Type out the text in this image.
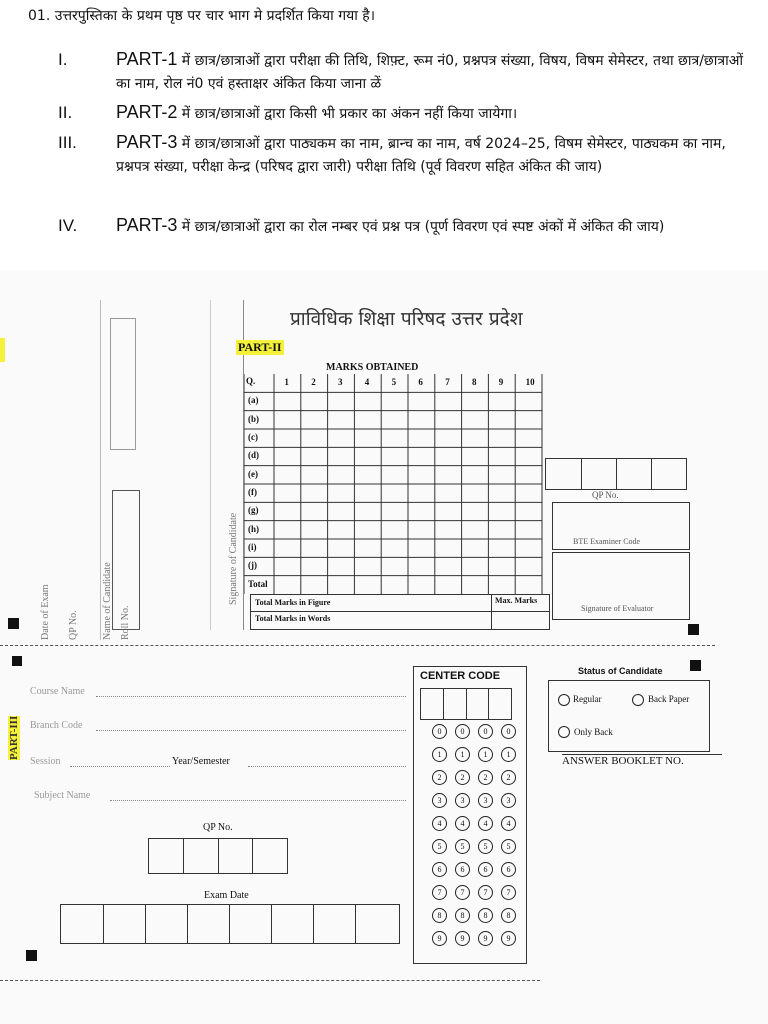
01. उत्तरपुस्तिका के प्रथम पृष्ठ पर चार भाग मे प्रदर्शित किया गया है।
I.	PART-1 में छात्र/छात्राओं द्वारा परीक्षा की तिथि, शिफ़्ट, रूम नं0, प्रश्नपत्र संख्या, विषय, विषम सेमेस्टर, तथा छात्र/छात्राओं का नाम, रोल नं0 एवं हस्ताक्षर अंकित किया जाना ळें
II. PART-2 में छात्र/छात्राओं द्वारा किसी भी प्रकार का अंकन नहीं किया जायेगा।
III. PART-3 में छात्र/छात्राओं द्वारा पाठ्यकम का नाम, ब्रान्च का नाम, वर्ष 2024–25, विषम सेमेस्टर, पाठ्यकम का नाम, प्रश्नपत्र संख्या, परीक्षा केन्द्र (परिषद द्वारा जारी) परीक्षा तिथि (पूर्व विवरण सहित अंकित की जाय)
IV. PART-3 में छात्र/छात्राओं द्वारा का रोल नम्बर एवं प्रश्न पत्र (पूर्ण विवरण एवं स्पष्ट अंकों में अंकित की जाय)
Roll No.
Name of Candidate
QP No.
Date of Exam
Signature of Candidate
प्राविधिक शिक्षा परिषद उत्तर प्रदेश
PART-II
MARKS OBTAINED
Q.	1 2 3 4 5 6 7 8 9 10
(a)
(b)
(c)
(d)
(e)
(f)
(g)
(h)
(i)
(j)
Total
Total Marks in Figure	Max. Marks
Total Marks in Words
QP No.
BTE Examiner Code
Signature of Evaluator
PART-III
Course Name
Branch Code
Session	Year/Semester
Subject Name
QP No.
Exam Date
CENTER CODE
0	0	0	0
1	1	1	1
2	2	2	2
3	3	3	3
4	4	4	4
5	5	5	5
6	6	6	6
7	7	7	7
8	8	8	8
9	9	9	9
Status of Candidate
Regular	Back Paper
Only Back
ANSWER BOOKLET NO.
